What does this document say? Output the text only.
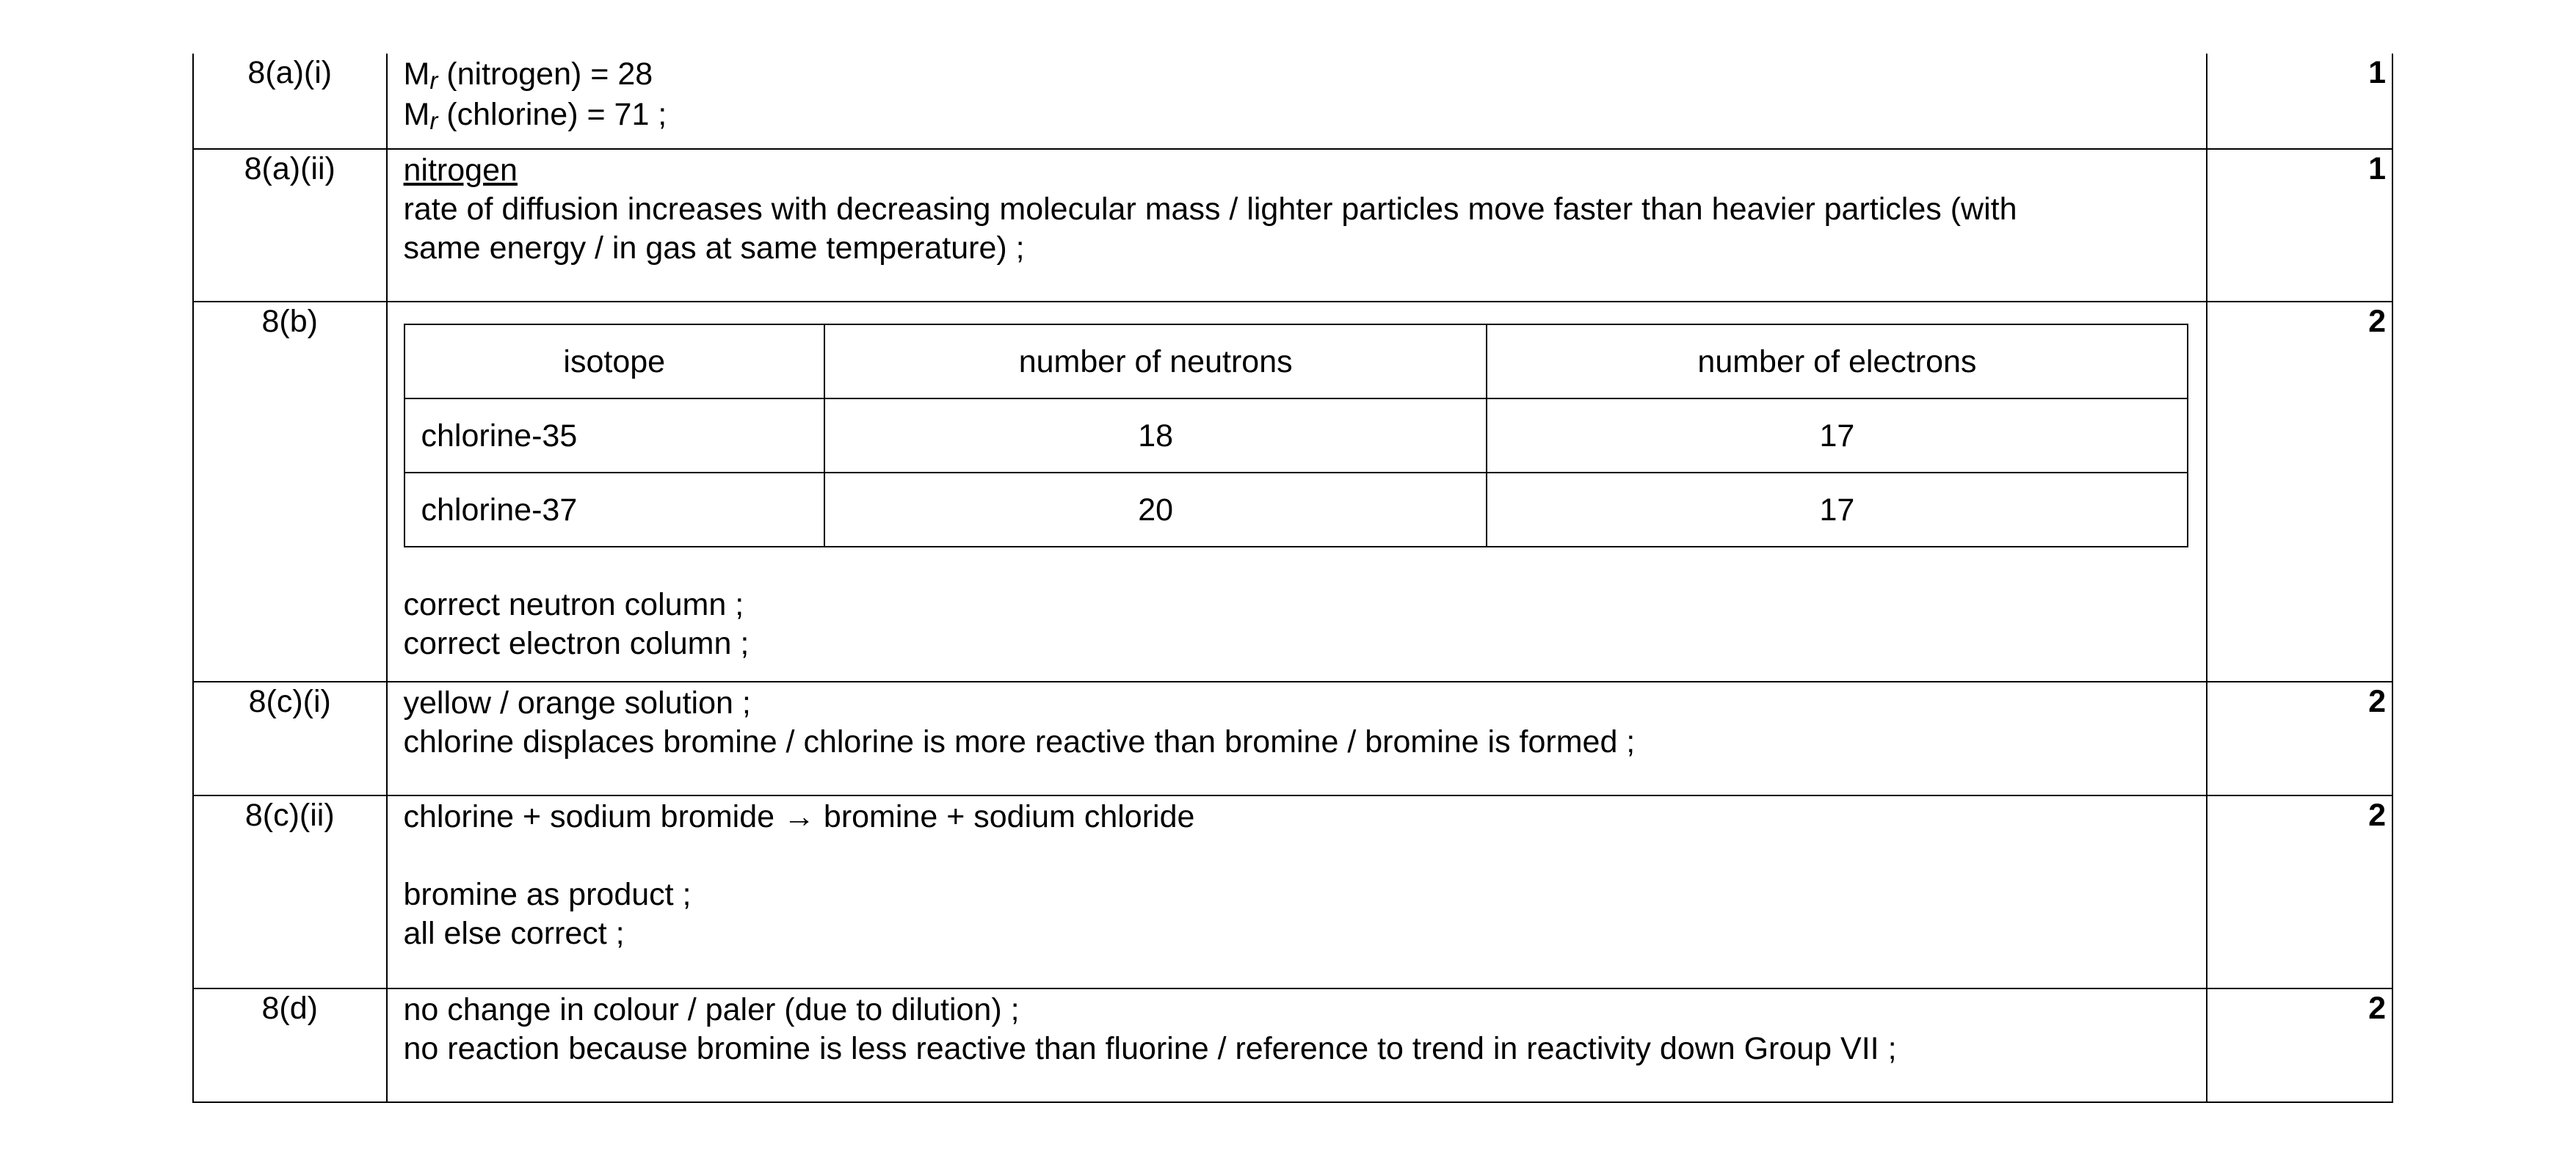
8(a)(i)	Mr (nitrogen) = 28
Mr (chlorine) = 71 ;
	1
8(a)(ii)	nitrogen
rate of diffusion increases with decreasing molecular mass / lighter particles move faster than heavier particles (with
same energy / in gas at same temperature) ;
	1
8(b)	
isotope	number of neutrons	number of electrons
chlorine-35	18	17
chlorine-37	20	17
correct neutron column ;
correct electron column ;
	2
8(c)(i)	yellow / orange solution ;
chlorine displaces bromine / chlorine is more reactive than bromine / bromine is formed ;
	2
8(c)(ii)	chlorine + sodium bromide → bromine + sodium chloride
bromine as product ;
all else correct ;
	2
8(d)	no change in colour / paler (due to dilution) ;
no reaction because bromine is less reactive than fluorine / reference to trend in reactivity down Group VII ;
	2
